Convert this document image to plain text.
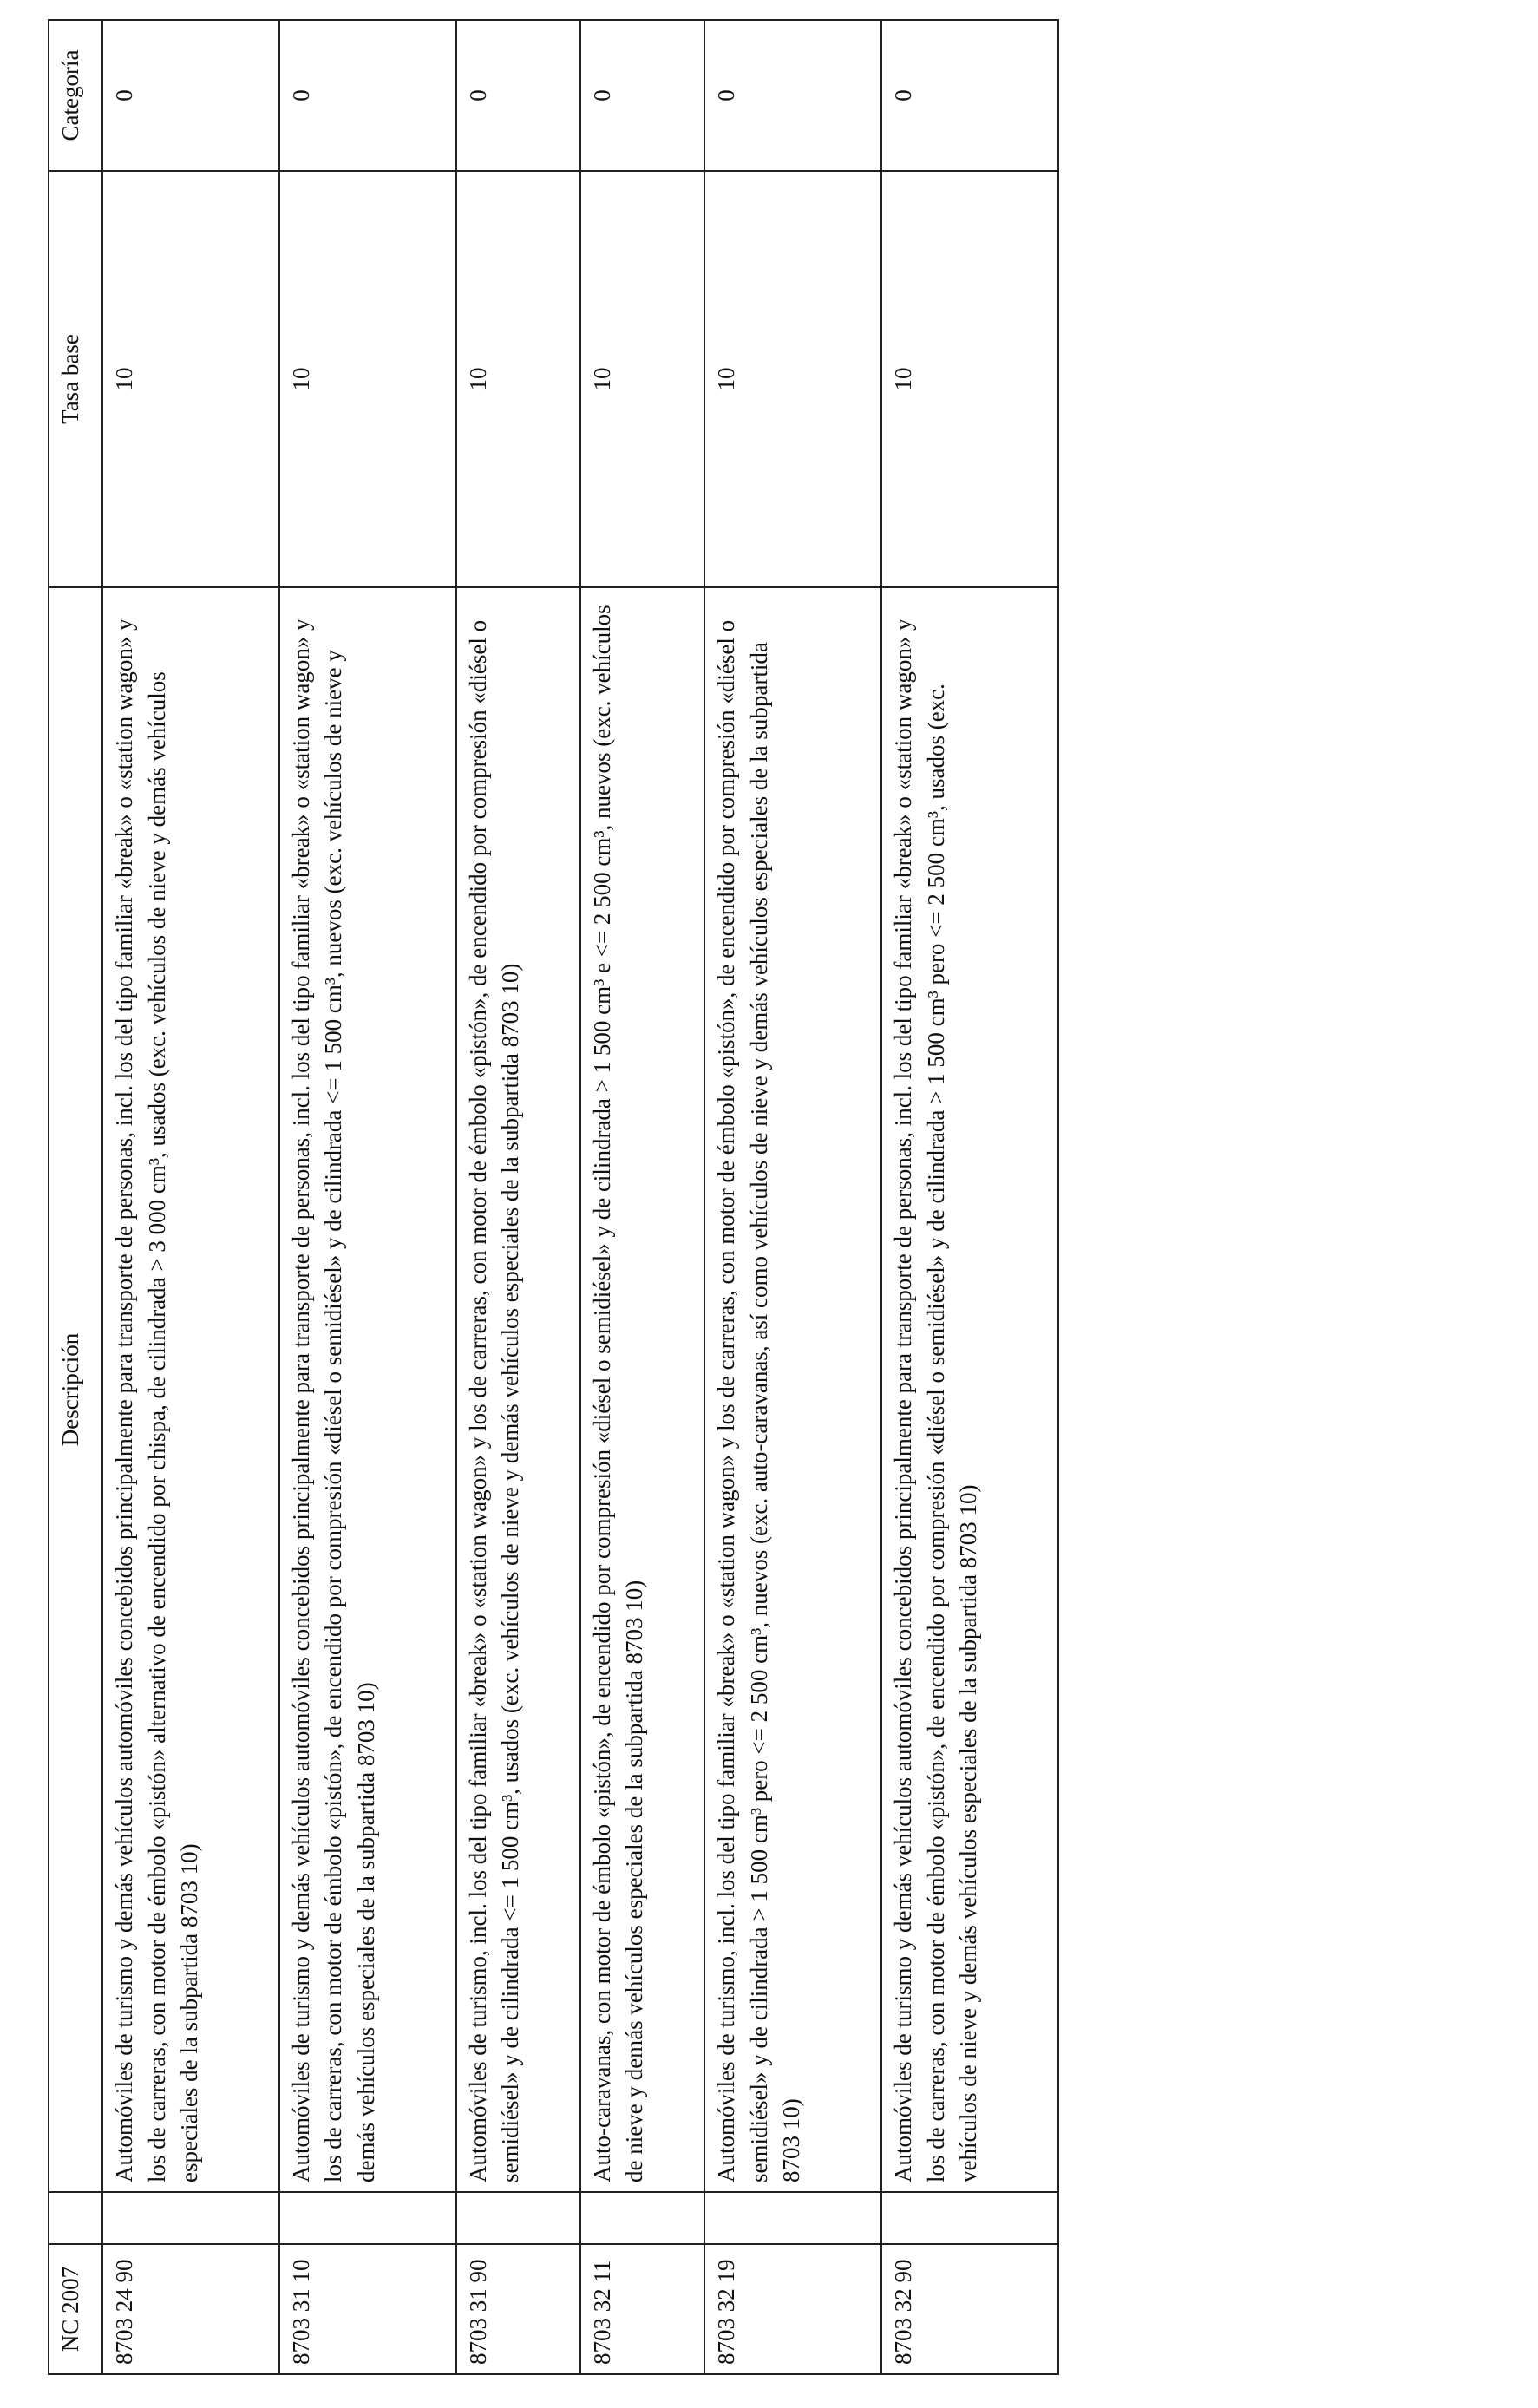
NC 2007		Descripción	Tasa base	Categoría
8703 24 90		Automóviles de turismo y demás vehículos automóviles concebidos principalmente para transporte de personas, incl. los del tipo familiar «break» o «station wagon» y los de carreras, con motor de émbolo «pistón» alternativo de encendido por chispa, de cilindrada > 3 000 cm³, usados (exc. vehículos de nieve y demás vehículos especiales de la subpartida 8703 10)	10	0
8703 31 10		Automóviles de turismo y demás vehículos automóviles concebidos principalmente para transporte de personas, incl. los del tipo familiar «break» o «station wagon» y los de carreras, con motor de émbolo «pistón», de encendido por compresión «diésel o semidiésel» y de cilindrada <= 1 500 cm³, nuevos (exc. vehículos de nieve y demás vehículos especiales de la subpartida 8703 10)	10	0
8703 31 90		Automóviles de turismo, incl. los del tipo familiar «break» o «station wagon» y los de carreras, con motor de émbolo «pistón», de encendido por compresión «diésel o semidiésel» y de cilindrada <= 1 500 cm³, usados (exc. vehículos de nieve y demás vehículos especiales de la subpartida 8703 10)	10	0
8703 32 11		Auto-caravanas, con motor de émbolo «pistón», de encendido por compresión «diésel o semidiésel» y de cilindrada > 1 500 cm³ e <= 2 500 cm³, nuevos (exc. vehículos de nieve y demás vehículos especiales de la subpartida 8703 10)	10	0
8703 32 19		Automóviles de turismo, incl. los del tipo familiar «break» o «station wagon» y los de carreras, con motor de émbolo «pistón», de encendido por compresión «diésel o semidiésel» y de cilindrada > 1 500 cm³ pero <= 2 500 cm³, nuevos (exc. auto-caravanas, así como vehículos de nieve y demás vehículos especiales de la subpartida 8703 10)	10	0
8703 32 90		Automóviles de turismo y demás vehículos automóviles concebidos principalmente para transporte de personas, incl. los del tipo familiar «break» o «station wagon» y los de carreras, con motor de émbolo «pistón», de encendido por compresión «diésel o semidiésel» y de cilindrada > 1 500 cm³ pero <= 2 500 cm³, usados (exc. vehículos de nieve y demás vehículos especiales de la subpartida 8703 10)	10	0
